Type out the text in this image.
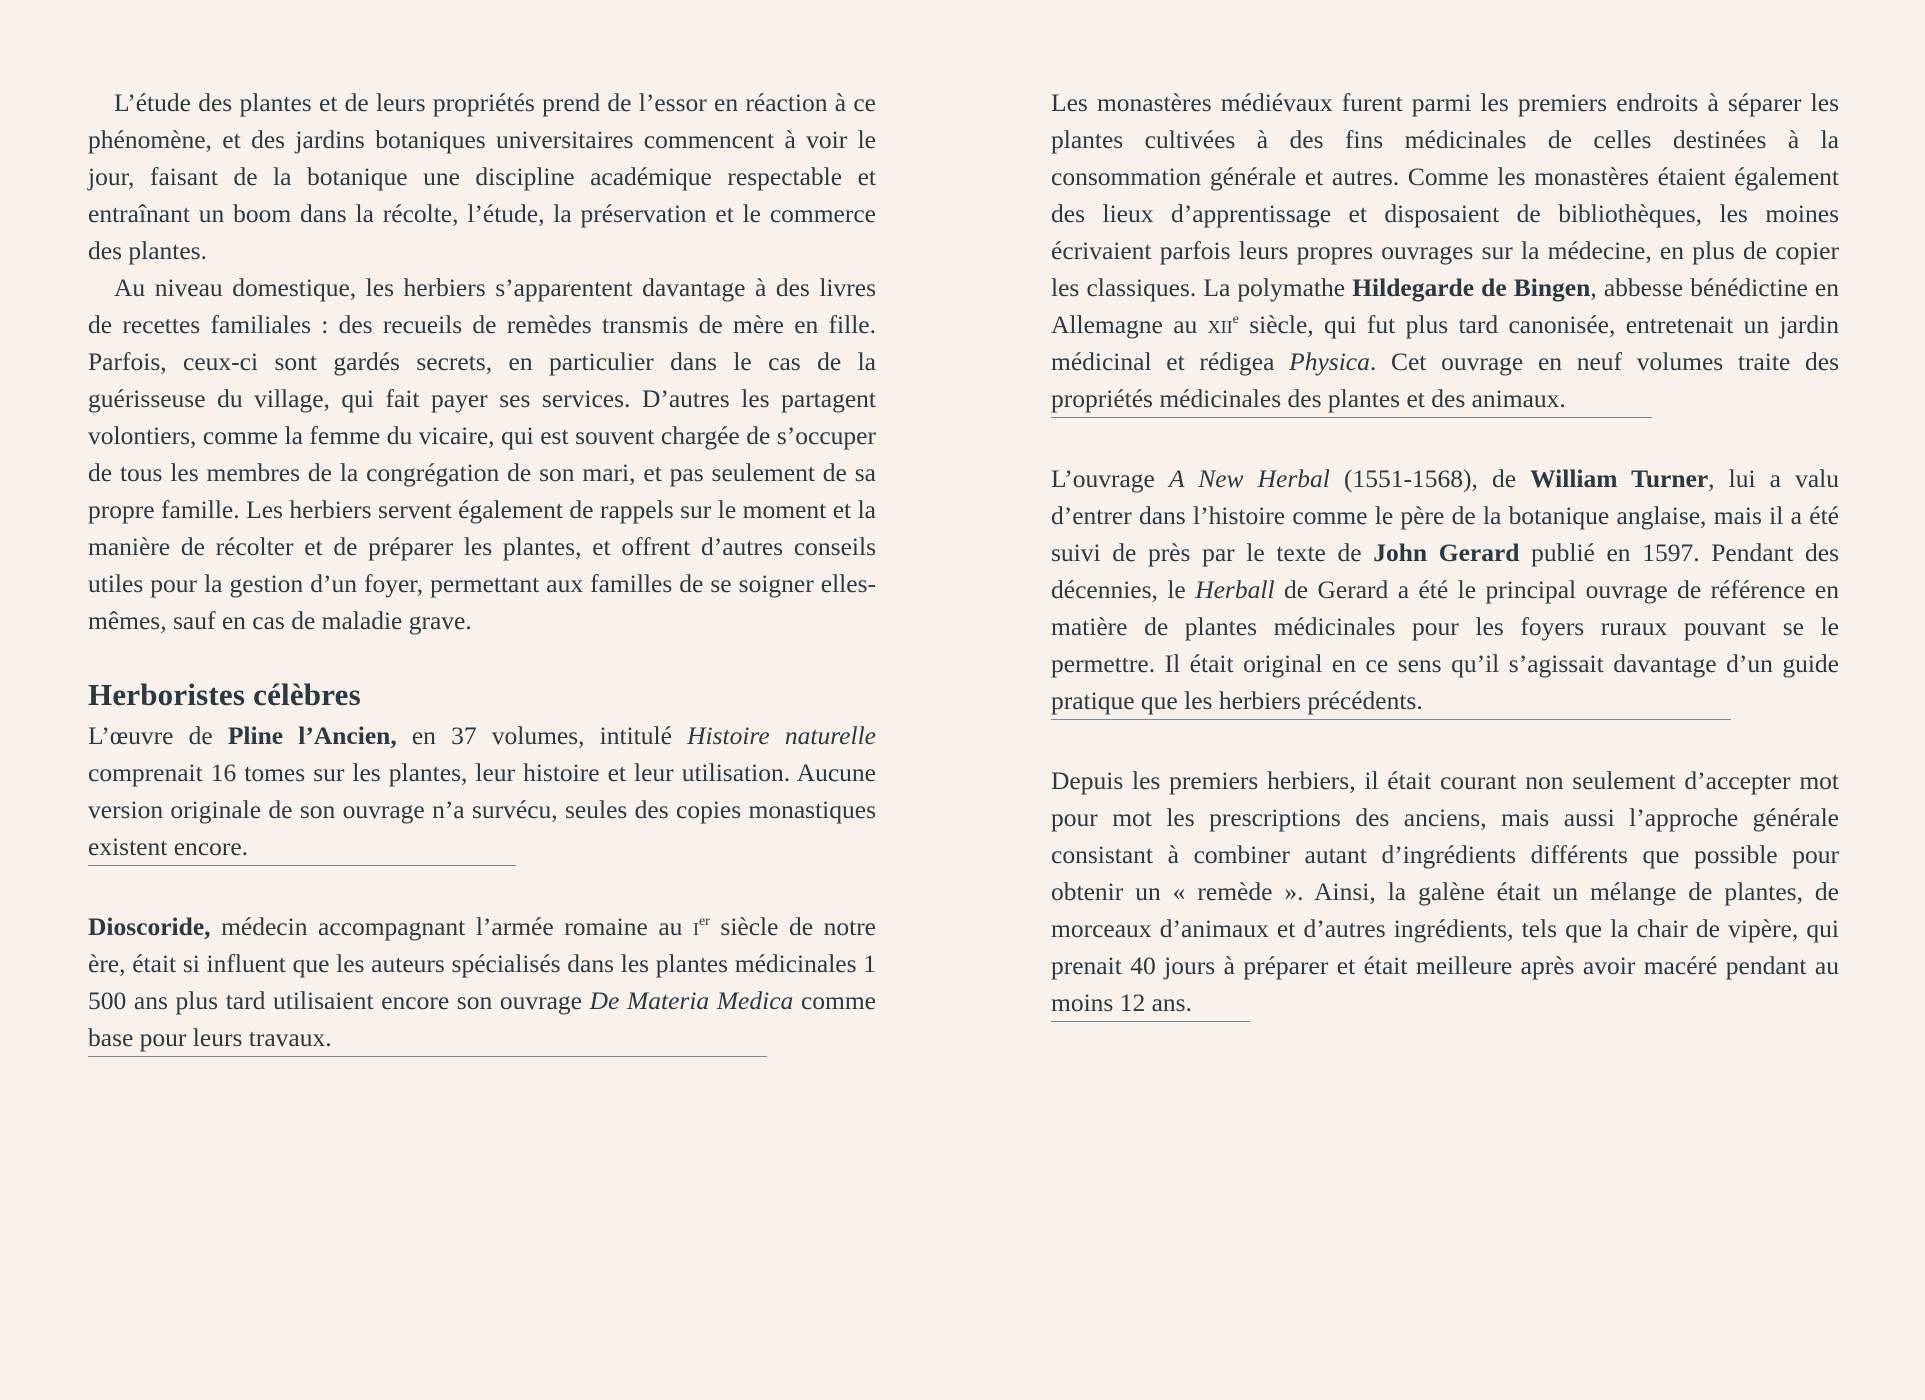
L’étude des plantes et de leurs propriétés prend de l’essor en réaction à ce phénomène, et des jardins botaniques universitaires commencent à voir le jour, faisant de la botanique une discipline académique respectable et entraînant un boom dans la récolte, l’étude, la préservation et le commerce des plantes.

Au niveau domestique, les herbiers s’apparentent davantage à des livres de recettes familiales : des recueils de remèdes transmis de mère en fille. Parfois, ceux-ci sont gardés secrets, en particulier dans le cas de la guérisseuse du village, qui fait payer ses services. D’autres les partagent volontiers, comme la femme du vicaire, qui est souvent chargée de s’occuper de tous les membres de la congrégation de son mari, et pas seulement de sa propre famille. Les herbiers servent également de rappels sur le moment et la manière de récolter et de préparer les plantes, et offrent d’autres conseils utiles pour la gestion d’un foyer, permettant aux familles de se soigner elles-mêmes, sauf en cas de maladie grave.

Herboristes célèbres

L’œuvre de Pline l’Ancien, en 37 volumes, intitulé Histoire naturelle comprenait 16 tomes sur les plantes, leur histoire et leur utilisation. Aucune version originale de son ouvrage n’a survécu, seules des copies monastiques existent encore.

Dioscoride, médecin accompagnant l’armée romaine au $i^{er}$ siècle de notre ère, était si influent que les auteurs spécialisés dans les plantes médicinales 1 500 ans plus tard utilisaient encore son ouvrage De Materia Medica comme base pour leurs travaux.

Les monastères médiévaux furent parmi les premiers endroits à séparer les plantes cultivées à des fins médicinales de celles destinées à la consommation générale et autres. Comme les monastères étaient également des lieux d’apprentissage et disposaient de bibliothèques, les moines écrivaient parfois leurs propres ouvrages sur la médecine, en plus de copier les classiques. La polymathe Hildegarde de Bingen, abbesse bénédictine en Allemagne au xii$^e$ siècle, qui fut plus tard canonisée, entretenait un jardin médicinal et rédigea Physica. Cet ouvrage en neuf volumes traite des propriétés médicinales des plantes et des animaux.

L’ouvrage A New Herbal (1551-1568), de William Turner, lui a valu d’entrer dans l’histoire comme le père de la botanique anglaise, mais il a été suivi de près par le texte de John Gerard publié en 1597. Pendant des décennies, le Herball de Gerard a été le principal ouvrage de référence en matière de plantes médicinales pour les foyers ruraux pouvant se le permettre. Il était original en ce sens qu’il s’agissait davantage d’un guide pratique que les herbiers précédents.

Depuis les premiers herbiers, il était courant non seulement d’accepter mot pour mot les prescriptions des anciens, mais aussi l’approche générale consistant à combiner autant d’ingrédients différents que possible pour obtenir un « remède ». Ainsi, la galène était un mélange de plantes, de morceaux d’animaux et d’autres ingrédients, tels que la chair de vipère, qui prenait 40 jours à préparer et était meilleure après avoir macéré pendant au moins 12 ans.
